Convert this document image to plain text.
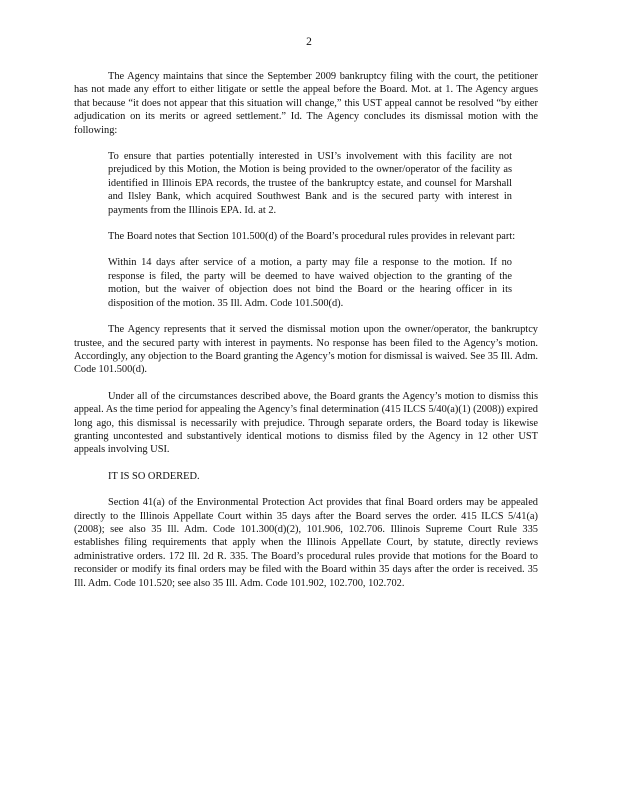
2

The Agency maintains that since the September 2009 bankruptcy filing with the court, the petitioner has not made any effort to either litigate or settle the appeal before the Board. Mot. at 1. The Agency argues that because “it does not appear that this situation will change,” this UST appeal cannot be resolved “by either adjudication on its merits or agreed settlement.” Id. The Agency concludes its dismissal motion with the following:

To ensure that parties potentially interested in USI’s involvement with this facility are not prejudiced by this Motion, the Motion is being provided to the owner/operator of the facility as identified in Illinois EPA records, the trustee of the bankruptcy estate, and counsel for Marshall and Ilsley Bank, which acquired Southwest Bank and is the secured party with interest in payments from the Illinois EPA. Id. at 2.

The Board notes that Section 101.500(d) of the Board’s procedural rules provides in relevant part:

Within 14 days after service of a motion, a party may file a response to the motion. If no response is filed, the party will be deemed to have waived objection to the granting of the motion, but the waiver of objection does not bind the Board or the hearing officer in its disposition of the motion. 35 Ill. Adm. Code 101.500(d).

The Agency represents that it served the dismissal motion upon the owner/operator, the bankruptcy trustee, and the secured party with interest in payments. No response has been filed to the Agency’s motion. Accordingly, any objection to the Board granting the Agency’s motion for dismissal is waived. See 35 Ill. Adm. Code 101.500(d).

Under all of the circumstances described above, the Board grants the Agency’s motion to dismiss this appeal. As the time period for appealing the Agency’s final determination (415 ILCS 5/40(a)(1) (2008)) expired long ago, this dismissal is necessarily with prejudice. Through separate orders, the Board today is likewise granting uncontested and substantively identical motions to dismiss filed by the Agency in 12 other UST appeals involving USI.

IT IS SO ORDERED.

Section 41(a) of the Environmental Protection Act provides that final Board orders may be appealed directly to the Illinois Appellate Court within 35 days after the Board serves the order. 415 ILCS 5/41(a) (2008); see also 35 Ill. Adm. Code 101.300(d)(2), 101.906, 102.706. Illinois Supreme Court Rule 335 establishes filing requirements that apply when the Illinois Appellate Court, by statute, directly reviews administrative orders. 172 Ill. 2d R. 335. The Board’s procedural rules provide that motions for the Board to reconsider or modify its final orders may be filed with the Board within 35 days after the order is received. 35 Ill. Adm. Code 101.520; see also 35 Ill. Adm. Code 101.902, 102.700, 102.702.
